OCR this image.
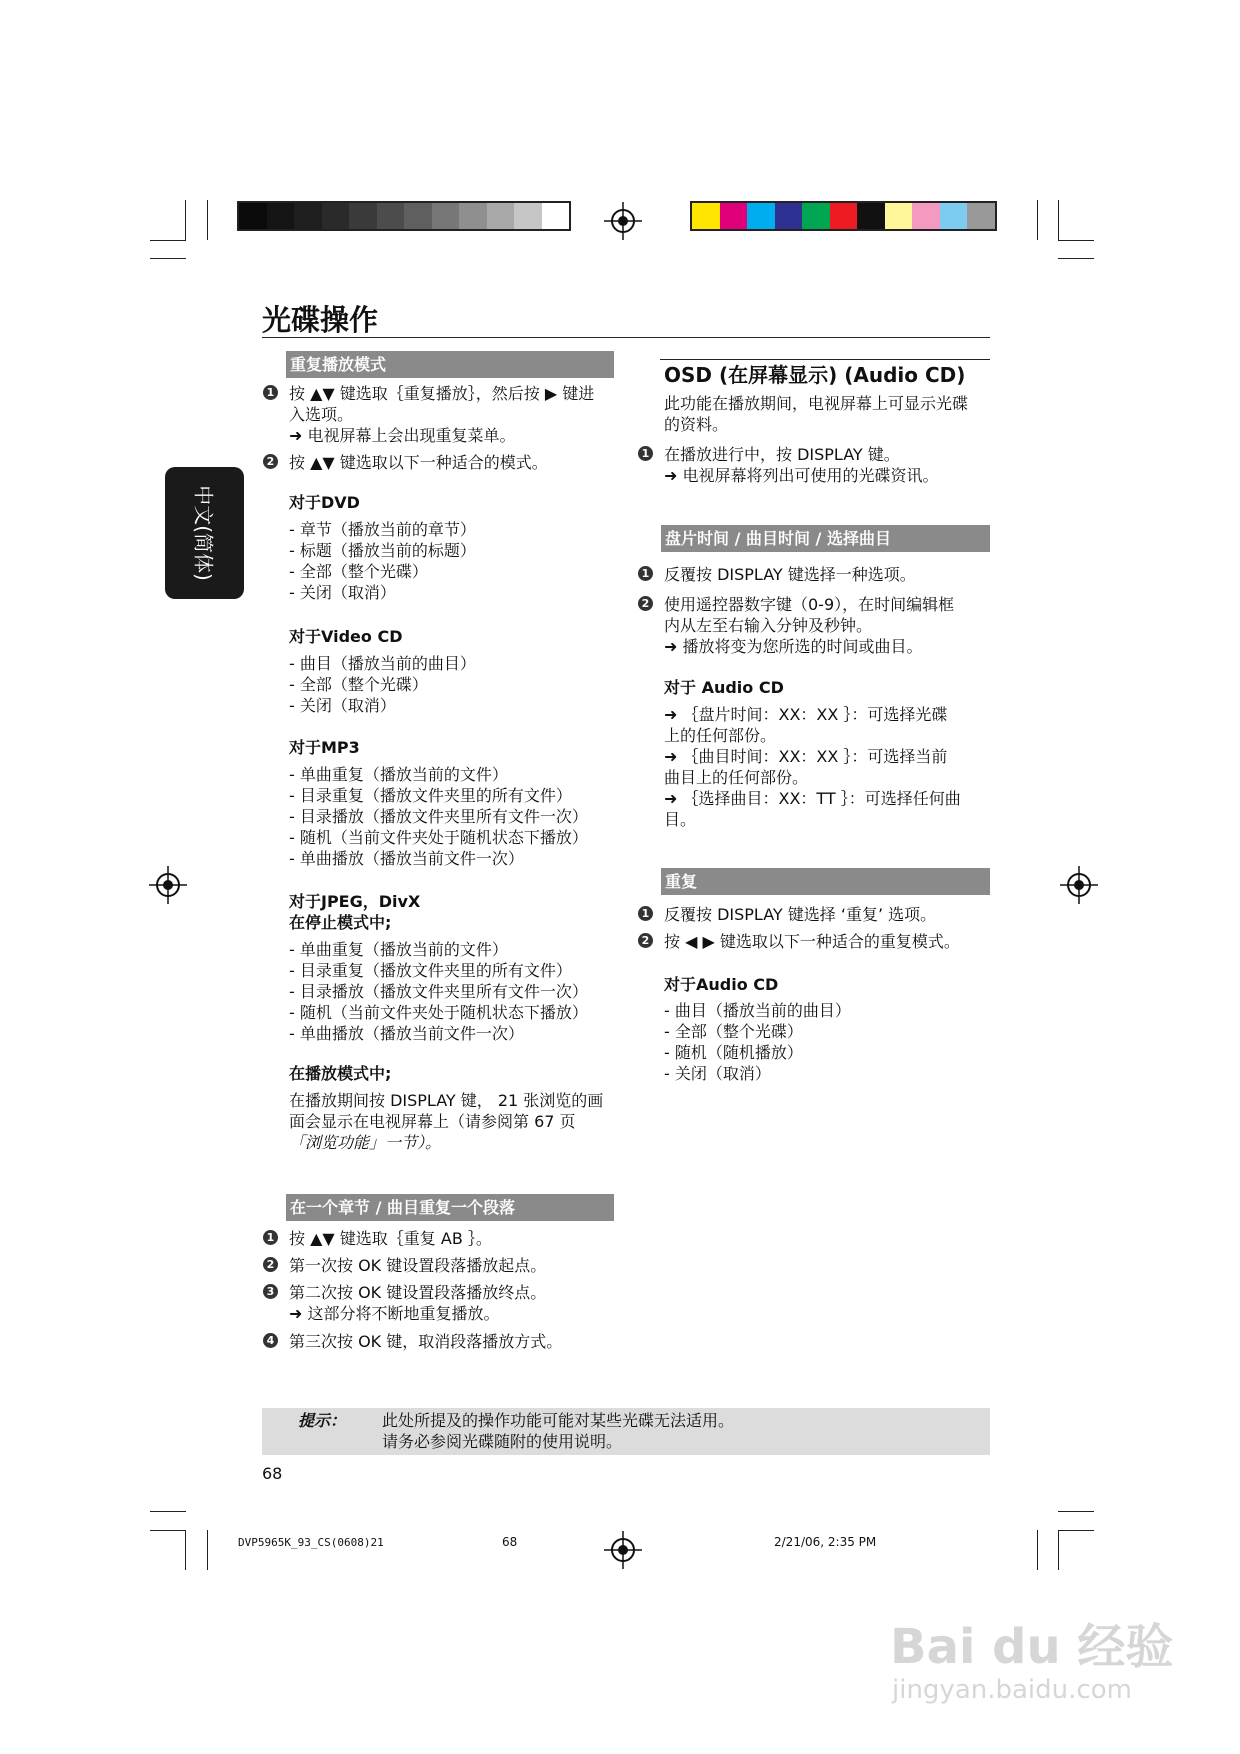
光碟操作
中文(简体)
重复播放模式
1 按 ▲▼ 键选取｛重复播放｝，然后按 ▶ 键进
入选项。
➜ 电视屏幕上会出现重复菜单。
2 按 ▲▼ 键选取以下一种适合的模式。
对于DVD
- 章节（播放当前的章节）
- 标题（播放当前的标题）
- 全部（整个光碟）
- 关闭（取消）
对于Video CD
- 曲目（播放当前的曲目）
- 全部（整个光碟）
- 关闭（取消）
对于MP3
- 单曲重复（播放当前的文件）
- 目录重复（播放文件夹里的所有文件）
- 目录播放（播放文件夹里所有文件一次）
- 随机（当前文件夹处于随机状态下播放）
- 单曲播放（播放当前文件一次）
对于JPEG，DivX
在停止模式中;
- 单曲重复（播放当前的文件）
- 目录重复（播放文件夹里的所有文件）
- 目录播放（播放文件夹里所有文件一次）
- 随机（当前文件夹处于随机状态下播放）
- 单曲播放（播放当前文件一次）
在播放模式中;
在播放期间按 DISPLAY 键， 21 张浏览的画
面会显示在电视屏幕上（请参阅第 67 页
「浏览功能」一节）。
在一个章节 / 曲目重复一个段落
1 按 ▲▼ 键选取｛重复 AB ｝。
2 第一次按 OK 键设置段落播放起点。
3 第二次按 OK 键设置段落播放终点。
➜ 这部分将不断地重复播放。
4 第三次按 OK 键，取消段落播放方式。
OSD (在屏幕显示) (Audio CD)
此功能在播放期间，电视屏幕上可显示光碟
的资料。
1 在播放进行中，按 DISPLAY 键。
➜ 电视屏幕将列出可使用的光碟资讯。
盘片时间 / 曲目时间 / 选择曲目
1 反覆按 DISPLAY 键选择一种选项。
2 使用遥控器数字键（0-9），在时间编辑框
内从左至右输入分钟及秒钟。
➜ 播放将变为您所选的时间或曲目。
对于 Audio CD
➜ ｛盘片时间：XX：XX ｝：可选择光碟
上的任何部份。
➜ ｛曲目时间：XX：XX ｝：可选择当前
曲目上的任何部份。
➜ ｛选择曲目：XX：TT ｝：可选择任何曲
目。
重复
1 反覆按 DISPLAY 键选择 ‘重复’ 选项。
2 按 ◀ ▶ 键选取以下一种适合的重复模式。
对于Audio CD
- 曲目（播放当前的曲目）
- 全部（整个光碟）
- 随机（随机播放）
- 关闭（取消）
提示： 此处所提及的操作功能可能对某些光碟无法适用。
请务必参阅光碟随附的使用说明。
68
DVP5965K_93_CS(0608)21	68	2/21/06, 2:35 PM
Bai du 经验
jingyan.baidu.com
